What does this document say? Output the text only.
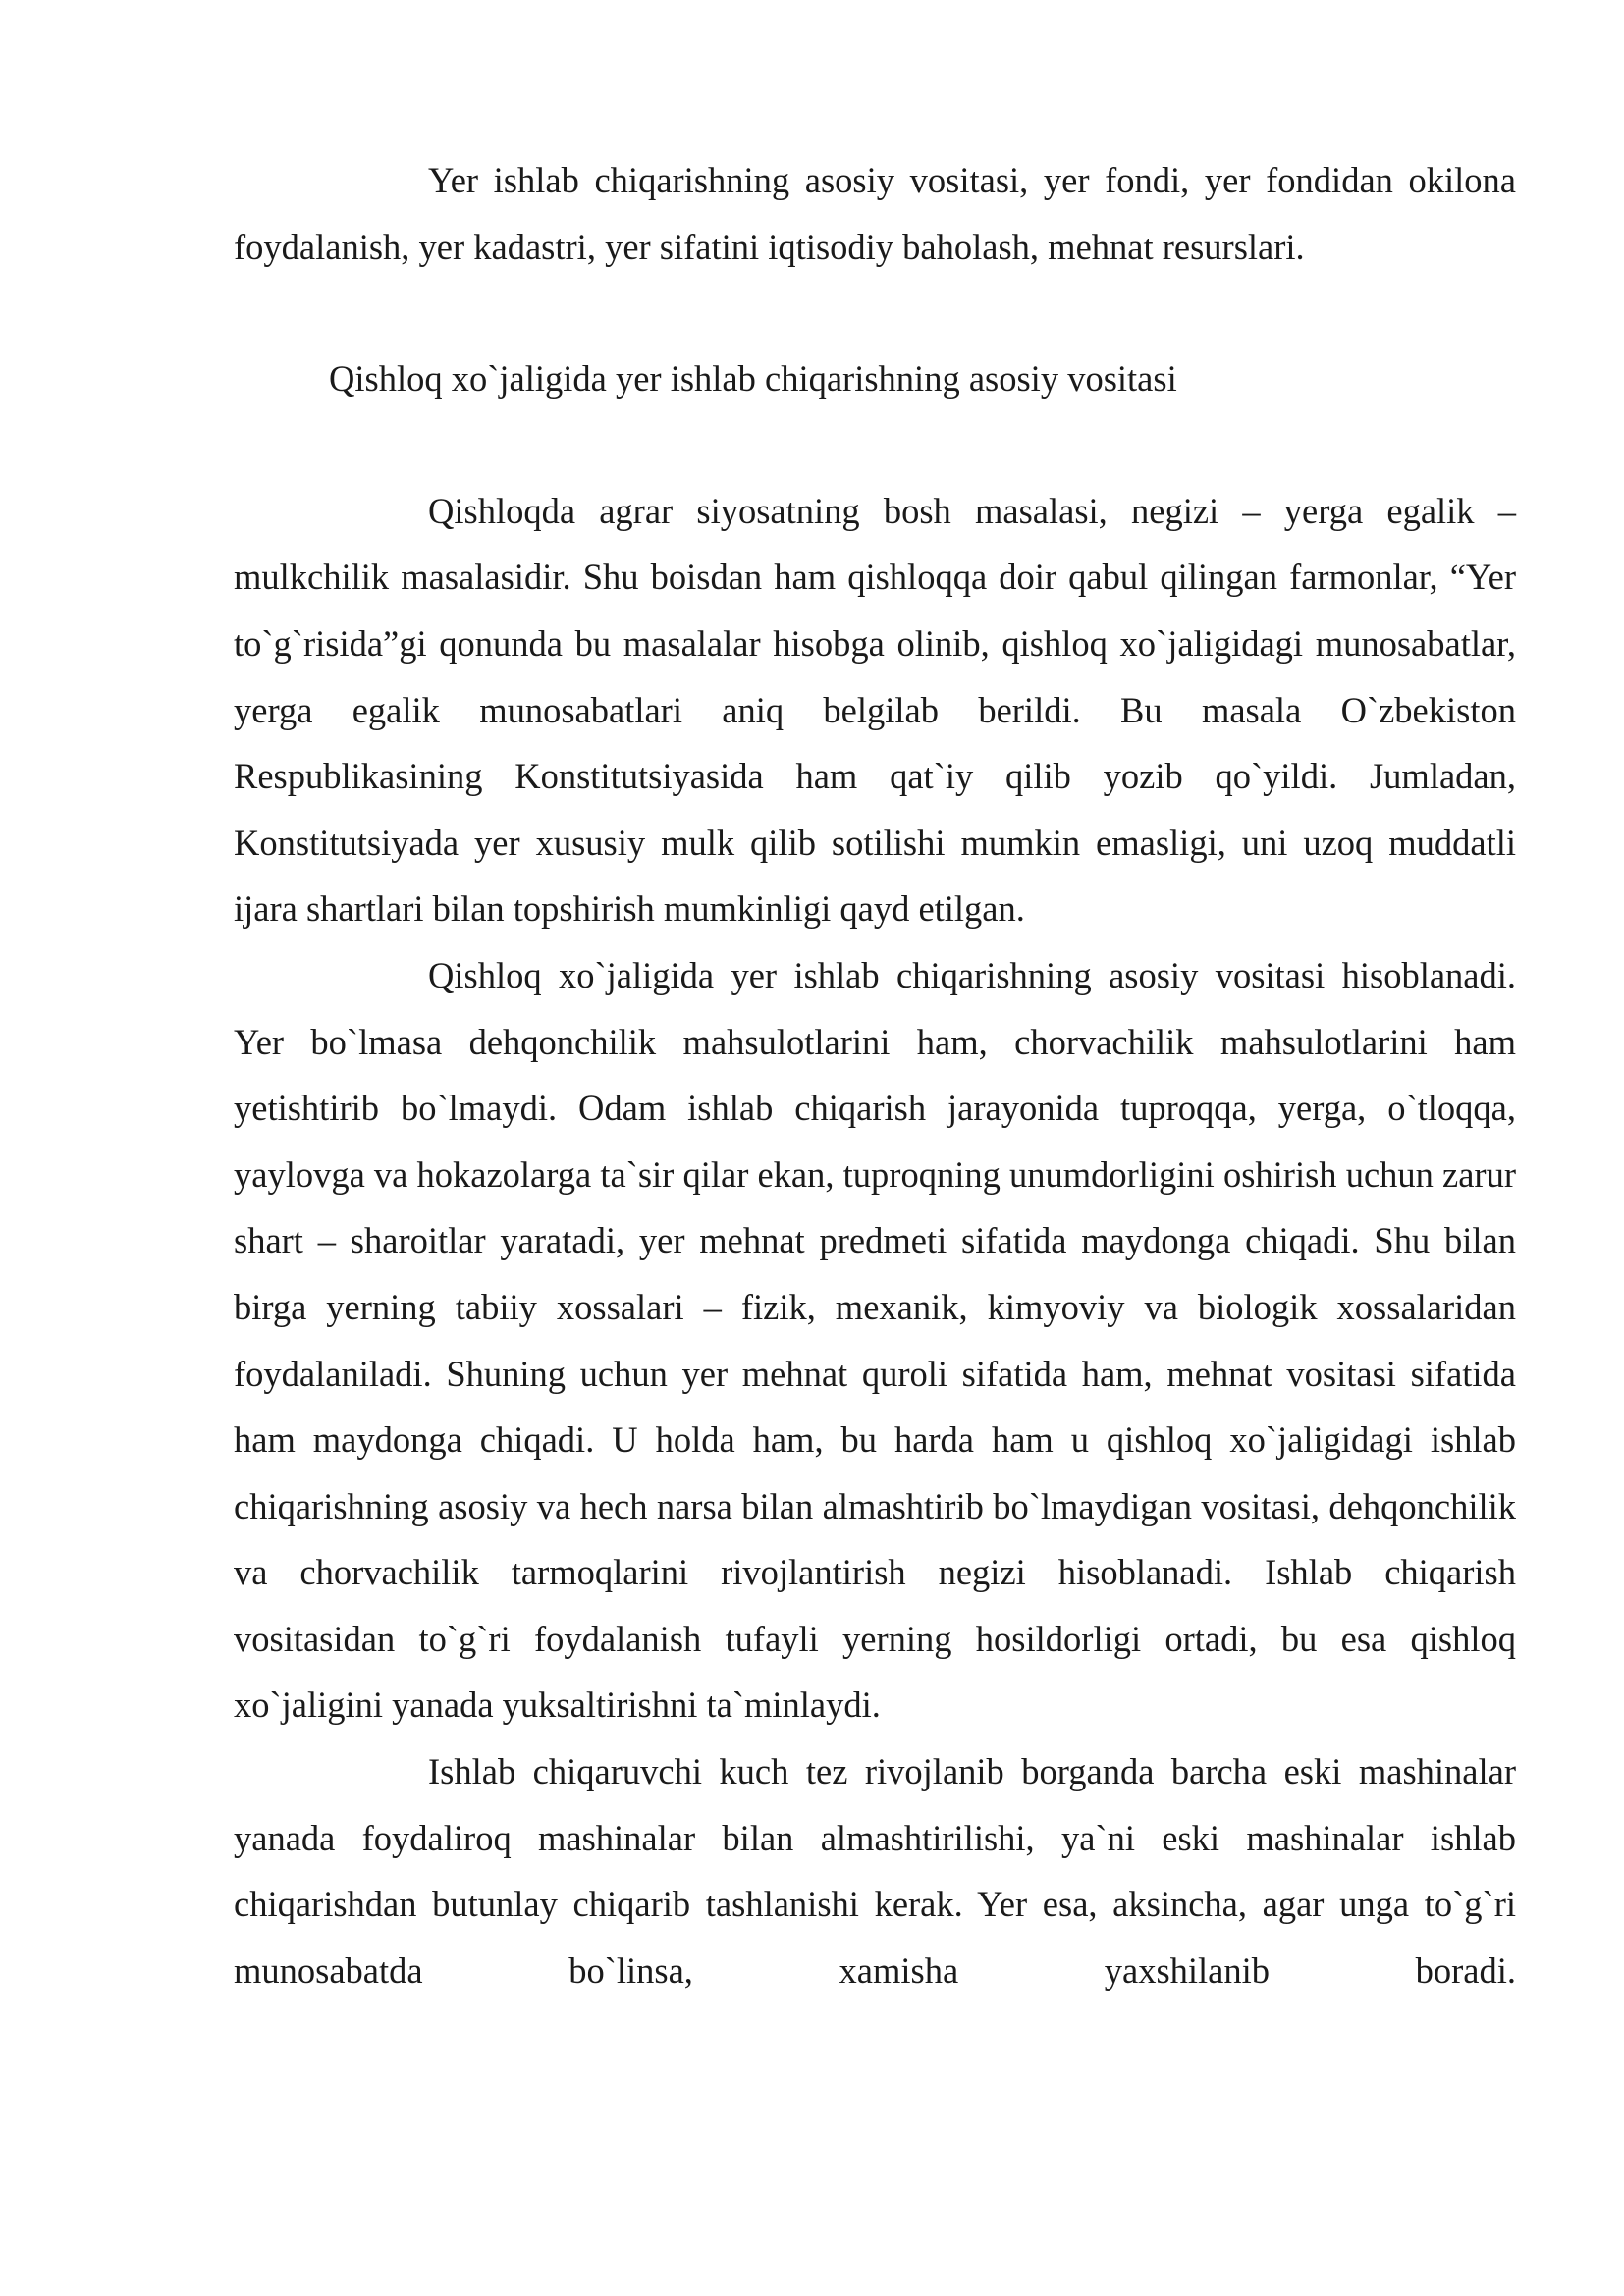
Yer ishlab chiqarishning asosiy vositasi, yer fondi, yer fondidan okilona foydalanish, yer kadastri, yer sifatini iqtisodiy baholash, mehnat resurslari.

Qishloq xo`jaligida yer ishlab chiqarishning asosiy vositasi

Qishloqda agrar siyosatning bosh masalasi, negizi – yerga egalik – mulkchilik masalasidir. Shu boisdan ham qishloqqa doir qabul qilingan farmonlar, “Yer to`g`risida”gi qonunda bu masalalar hisobga olinib, qishloq xo`jaligidagi munosabatlar, yerga egalik munosabatlari aniq belgilab berildi. Bu masala O`zbekiston Respublikasining Konstitutsiyasida ham qat`iy qilib yozib qo`yildi. Jumladan, Konstitutsiyada yer xususiy mulk qilib sotilishi mumkin emasligi, uni uzoq muddatli ijara shartlari bilan topshirish mumkinligi qayd etilgan.

Qishloq xo`jaligida yer ishlab chiqarishning asosiy vositasi hisoblanadi. Yer bo`lmasa dehqonchilik mahsulotlarini ham, chorvachilik mahsulotlarini ham yetishtirib bo`lmaydi. Odam ishlab chiqarish jarayonida tuproqqa, yerga, o`tloqqa, yaylovga va hokazolarga ta`sir qilar ekan, tuproqning unumdorligini oshirish uchun zarur shart – sharoitlar yaratadi, yer mehnat predmeti sifatida maydonga chiqadi. Shu bilan birga yerning tabiiy xossalari – fizik, mexanik, kimyoviy va biologik xossalaridan foydalaniladi. Shuning uchun yer mehnat quroli sifatida ham, mehnat vositasi sifatida ham maydonga chiqadi. U holda ham, bu harda ham u qishloq xo`jaligidagi ishlab chiqarishning asosiy va hech narsa bilan almashtirib bo`lmaydigan vositasi, dehqonchilik va chorvachilik tarmoqlarini rivojlantirish negizi hisoblanadi. Ishlab chiqarish vositasidan to`g`ri foydalanish tufayli yerning hosildorligi ortadi, bu esa qishloq xo`jaligini yanada yuksaltirishni ta`minlaydi.

Ishlab chiqaruvchi kuch tez rivojlanib borganda barcha eski mashinalar yanada foydaliroq mashinalar bilan almashtirilishi, ya`ni eski mashinalar ishlab chiqarishdan butunlay chiqarib tashlanishi kerak. Yer esa, aksincha, agar unga to`g`ri munosabatda bo`linsa, xamisha yaxshilanib boradi.
